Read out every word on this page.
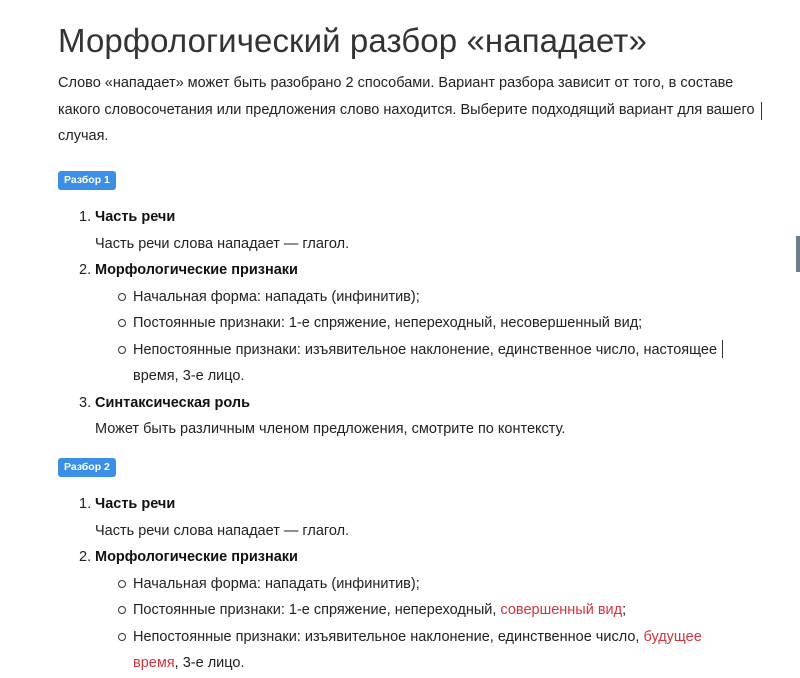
Морфологический разбор «нападает»

Слово «нападает» может быть разобрано 2 способами. Вариант разбора зависит от того, в составе какого словосочетания или предложения слово находится. Выберите подходящий вариант для вашего случая.

Разбор 1
1. Часть речи
Часть речи слова нападает — глагол.
2. Морфологические признаки
Начальная форма: нападать (инфинитив);
Постоянные признаки: 1-е спряжение, непереходный, несовершенный вид;
Непостоянные признаки: изъявительное наклонение, единственное число, настоящее время, 3-е лицо.
3. Синтаксическая роль
Может быть различным членом предложения, смотрите по контексту.
Разбор 2
1. Часть речи
Часть речи слова нападает — глагол.
2. Морфологические признаки
Начальная форма: нападать (инфинитив);
Постоянные признаки: 1-е спряжение, непереходный, совершенный вид;
Непостоянные признаки: изъявительное наклонение, единственное число, будущее время, 3-е лицо.
